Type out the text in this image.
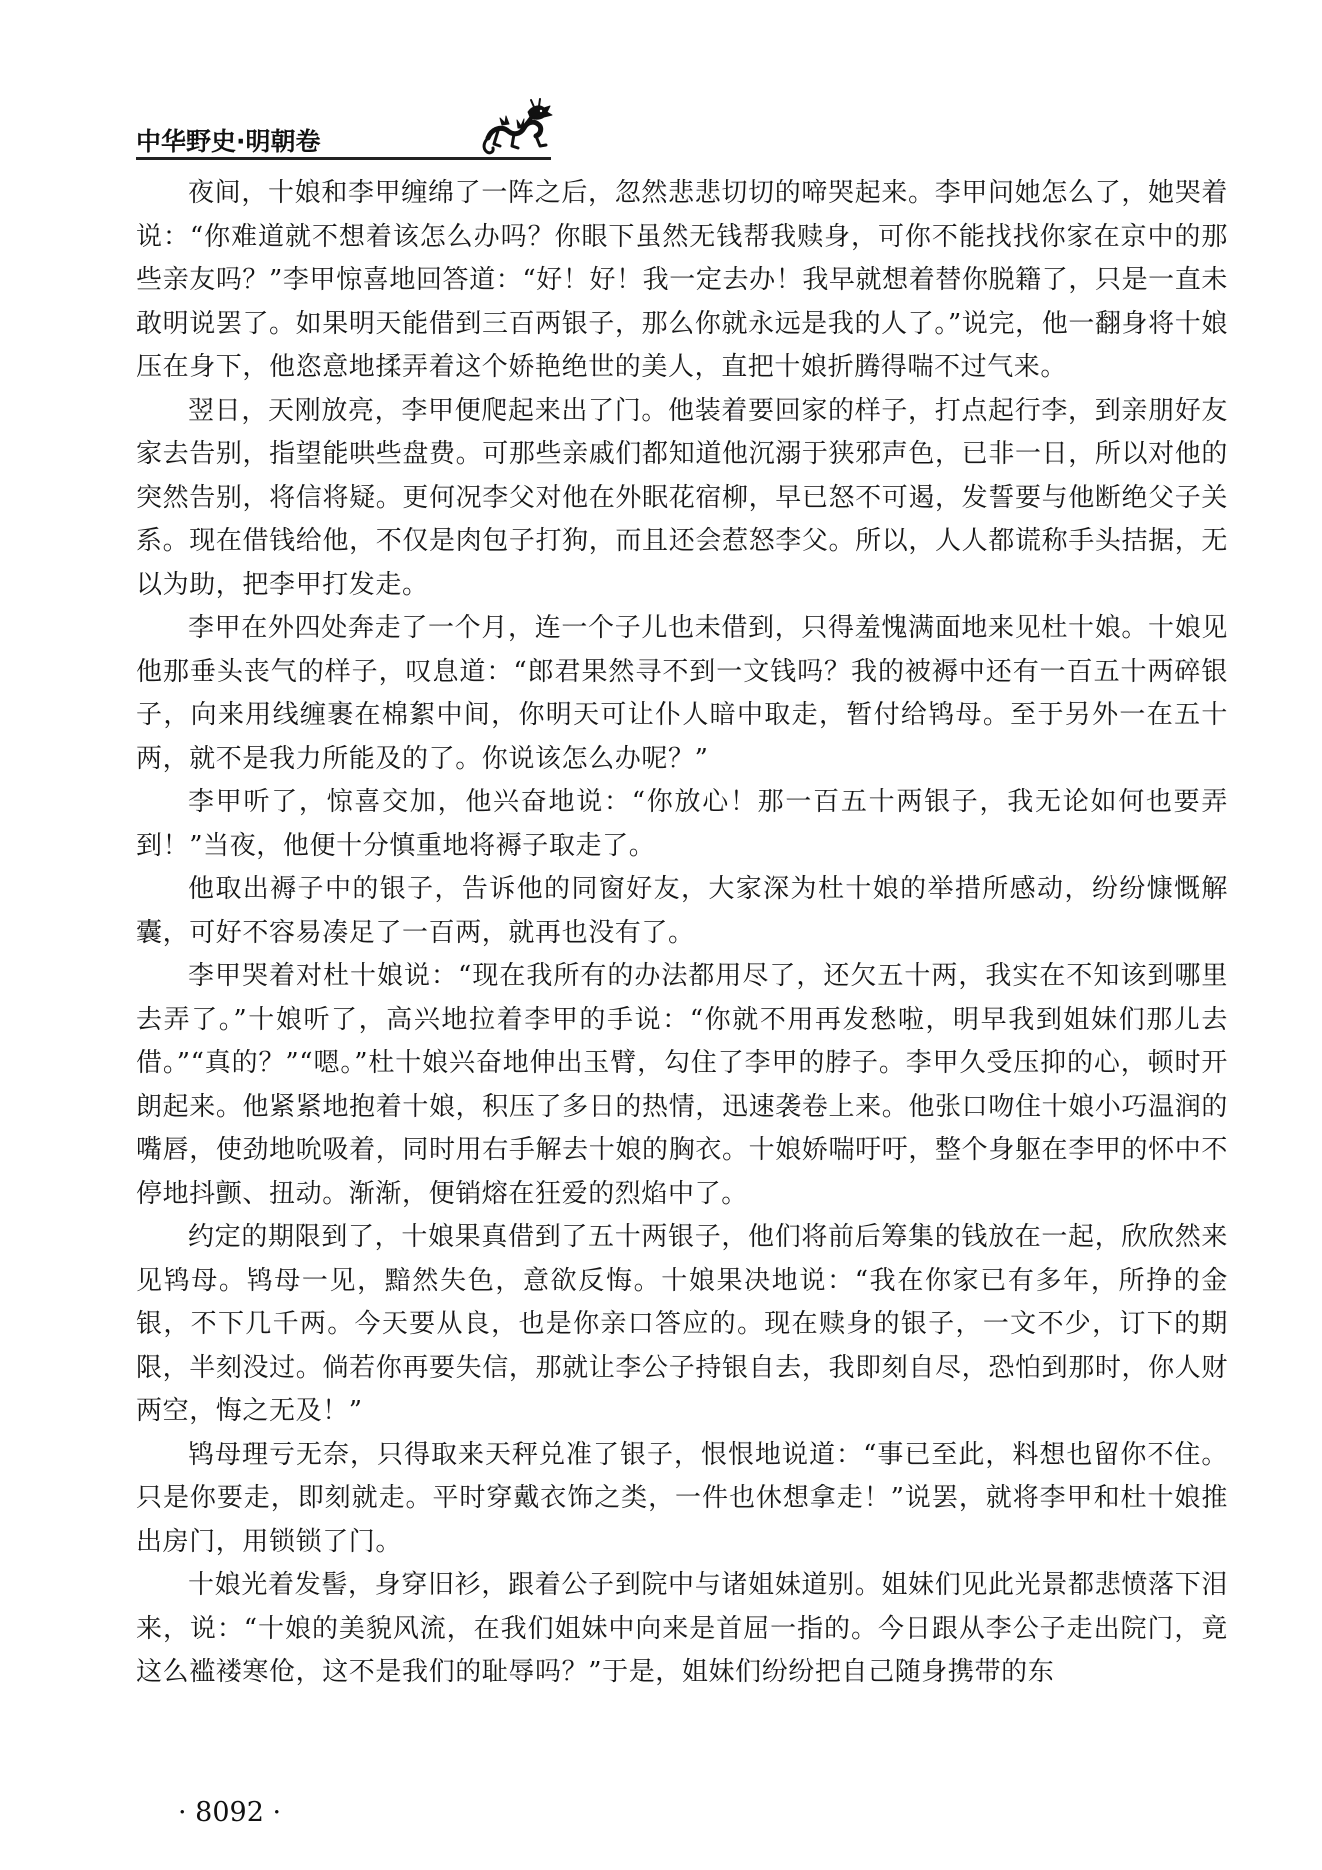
中华野史·明朝卷

夜间，十娘和李甲缠绵了一阵之后，忽然悲悲切切的啼哭起来。李甲问她怎么了，她哭着说：“你难道就不想着该怎么办吗？你眼下虽然无钱帮我赎身，可你不能找找你家在京中的那些亲友吗？”李甲惊喜地回答道：“好！好！我一定去办！我早就想着替你脱籍了，只是一直未敢明说罢了。如果明天能借到三百两银子，那么你就永远是我的人了。”说完，他一翻身将十娘压在身下，他恣意地揉弄着这个娇艳绝世的美人，直把十娘折腾得喘不过气来。

翌日，天刚放亮，李甲便爬起来出了门。他装着要回家的样子，打点起行李，到亲朋好友家去告别，指望能哄些盘费。可那些亲戚们都知道他沉溺于狭邪声色，已非一日，所以对他的突然告别，将信将疑。更何况李父对他在外眠花宿柳，早已怒不可遏，发誓要与他断绝父子关系。现在借钱给他，不仅是肉包子打狗，而且还会惹怒李父。所以，人人都谎称手头拮据，无以为助，把李甲打发走。

李甲在外四处奔走了一个月，连一个子儿也未借到，只得羞愧满面地来见杜十娘。十娘见他那垂头丧气的样子，叹息道：“郎君果然寻不到一文钱吗？我的被褥中还有一百五十两碎银子，向来用线缠裹在棉絮中间，你明天可让仆人暗中取走，暂付给鸨母。至于另外一在五十两，就不是我力所能及的了。你说该怎么办呢？”

李甲听了，惊喜交加，他兴奋地说：“你放心！那一百五十两银子，我无论如何也要弄到！”当夜，他便十分慎重地将褥子取走了。

他取出褥子中的银子，告诉他的同窗好友，大家深为杜十娘的举措所感动，纷纷慷慨解囊，可好不容易凑足了一百两，就再也没有了。

李甲哭着对杜十娘说：“现在我所有的办法都用尽了，还欠五十两，我实在不知该到哪里去弄了。”十娘听了，高兴地拉着李甲的手说：“你就不用再发愁啦，明早我到姐妹们那儿去借。”“真的？”“嗯。”杜十娘兴奋地伸出玉臂，勾住了李甲的脖子。李甲久受压抑的心，顿时开朗起来。他紧紧地抱着十娘，积压了多日的热情，迅速袭卷上来。他张口吻住十娘小巧温润的嘴唇，使劲地吮吸着，同时用右手解去十娘的胸衣。十娘娇喘吁吁，整个身躯在李甲的怀中不停地抖颤、扭动。渐渐，便销熔在狂爱的烈焰中了。

约定的期限到了，十娘果真借到了五十两银子，他们将前后筹集的钱放在一起，欣欣然来见鸨母。鸨母一见，黯然失色，意欲反悔。十娘果决地说：“我在你家已有多年，所挣的金银，不下几千两。今天要从良，也是你亲口答应的。现在赎身的银子，一文不少，订下的期限，半刻没过。倘若你再要失信，那就让李公子持银自去，我即刻自尽，恐怕到那时，你人财两空，悔之无及！”

鸨母理亏无奈，只得取来天秤兑准了银子，恨恨地说道：“事已至此，料想也留你不住。只是你要走，即刻就走。平时穿戴衣饰之类，一件也休想拿走！”说罢，就将李甲和杜十娘推出房门，用锁锁了门。

十娘光着发髻，身穿旧衫，跟着公子到院中与诸姐妹道别。姐妹们见此光景都悲愤落下泪来，说：“十娘的美貌风流，在我们姐妹中向来是首屈一指的。今日跟从李公子走出院门，竟这么褴褛寒伧，这不是我们的耻辱吗？”于是，姐妹们纷纷把自己随身携带的东

· 8092 ·
